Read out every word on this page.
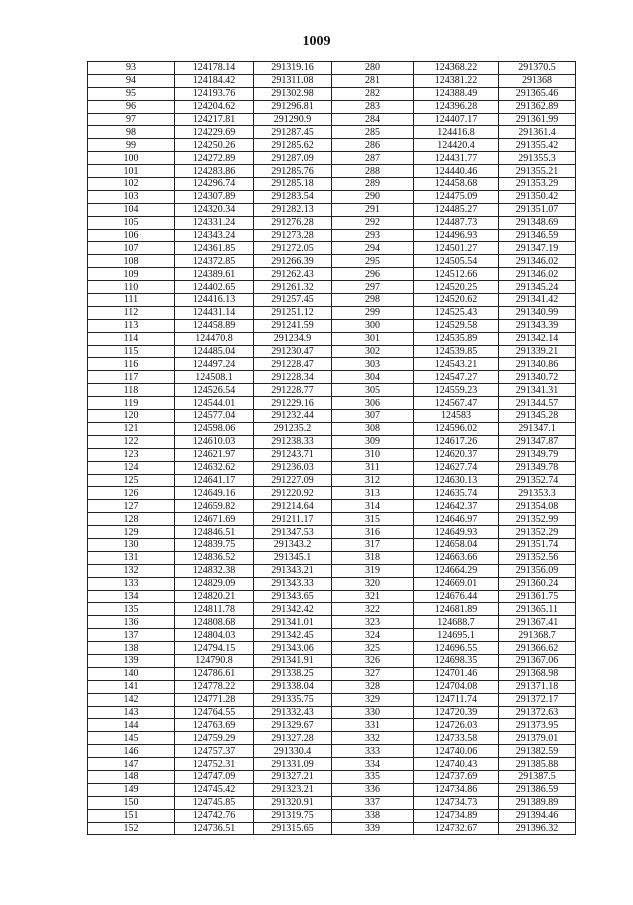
1009
93	124178.14	291319.16	280	124368.22	291370.5
94	124184.42	291311.08	281	124381.22	291368
95	124193.76	291302.98	282	124388.49	291365.46
96	124204.62	291296.81	283	124396.28	291362.89
97	124217.81	291290.9	284	124407.17	291361.99
98	124229.69	291287.45	285	124416.8	291361.4
99	124250.26	291285.62	286	124420.4	291355.42
100	124272.89	291287.09	287	124431.77	291355.3
101	124283.86	291285.76	288	124440.46	291355.21
102	124296.74	291285.18	289	124458.68	291353.29
103	124307.89	291283.54	290	124475.09	291350.42
104	124320.34	291282.13	291	124485.27	291351.07
105	124331.24	291276.28	292	124487.73	291348.69
106	124343.24	291273.28	293	124496.93	291346.59
107	124361.85	291272.05	294	124501.27	291347.19
108	124372.85	291266.39	295	124505.54	291346.02
109	124389.61	291262.43	296	124512.66	291346.02
110	124402.65	291261.32	297	124520.25	291345.24
111	124416.13	291257.45	298	124520.62	291341.42
112	124431.14	291251.12	299	124525.43	291340.99
113	124458.89	291241.59	300	124529.58	291343.39
114	124470.8	291234.9	301	124535.89	291342.14
115	124485.04	291230.47	302	124539.85	291339.21
116	124497.24	291228.47	303	124543.21	291340.86
117	124508.1	291228.34	304	124547.27	291340.72
118	124526.54	291228.77	305	124559.23	291341.31
119	124544.01	291229.16	306	124567.47	291344.57
120	124577.04	291232.44	307	124583	291345.28
121	124598.06	291235.2	308	124596.02	291347.1
122	124610.03	291238.33	309	124617.26	291347.87
123	124621.97	291243.71	310	124620.37	291349.79
124	124632.62	291236.03	311	124627.74	291349.78
125	124641.17	291227.09	312	124630.13	291352.74
126	124649.16	291220.92	313	124635.74	291353.3
127	124659.82	291214.64	314	124642.37	291354.08
128	124671.69	291211.17	315	124646.97	291352.99
129	124846.51	291347.53	316	124649.93	291352.29
130	124839.75	291343.2	317	124658.04	291351.74
131	124836.52	291345.1	318	124663.66	291352.56
132	124832.38	291343.21	319	124664.29	291356.09
133	124829.09	291343.33	320	124669.01	291360.24
134	124820.21	291343.65	321	124676.44	291361.75
135	124811.78	291342.42	322	124681.89	291365.11
136	124808.68	291341.01	323	124688.7	291367.41
137	124804.03	291342.45	324	124695.1	291368.7
138	124794.15	291343.06	325	124696.55	291366.62
139	124790.8	291341.91	326	124698.35	291367.06
140	124786.61	291338.25	327	124701.46	291368.98
141	124778.22	291338.04	328	124704.08	291371.18
142	124771.28	291335.75	329	124711.74	291372.17
143	124764.55	291332.43	330	124720.39	291372.63
144	124763.69	291329.67	331	124726.03	291373.95
145	124759.29	291327.28	332	124733.58	291379.01
146	124757.37	291330.4	333	124740.06	291382.59
147	124752.31	291331.09	334	124740.43	291385.88
148	124747.09	291327.21	335	124737.69	291387.5
149	124745.42	291323.21	336	124734.86	291386.59
150	124745.85	291320.91	337	124734.73	291389.89
151	124742.76	291319.75	338	124734.89	291394.46
152	124736.51	291315.65	339	124732.67	291396.32
